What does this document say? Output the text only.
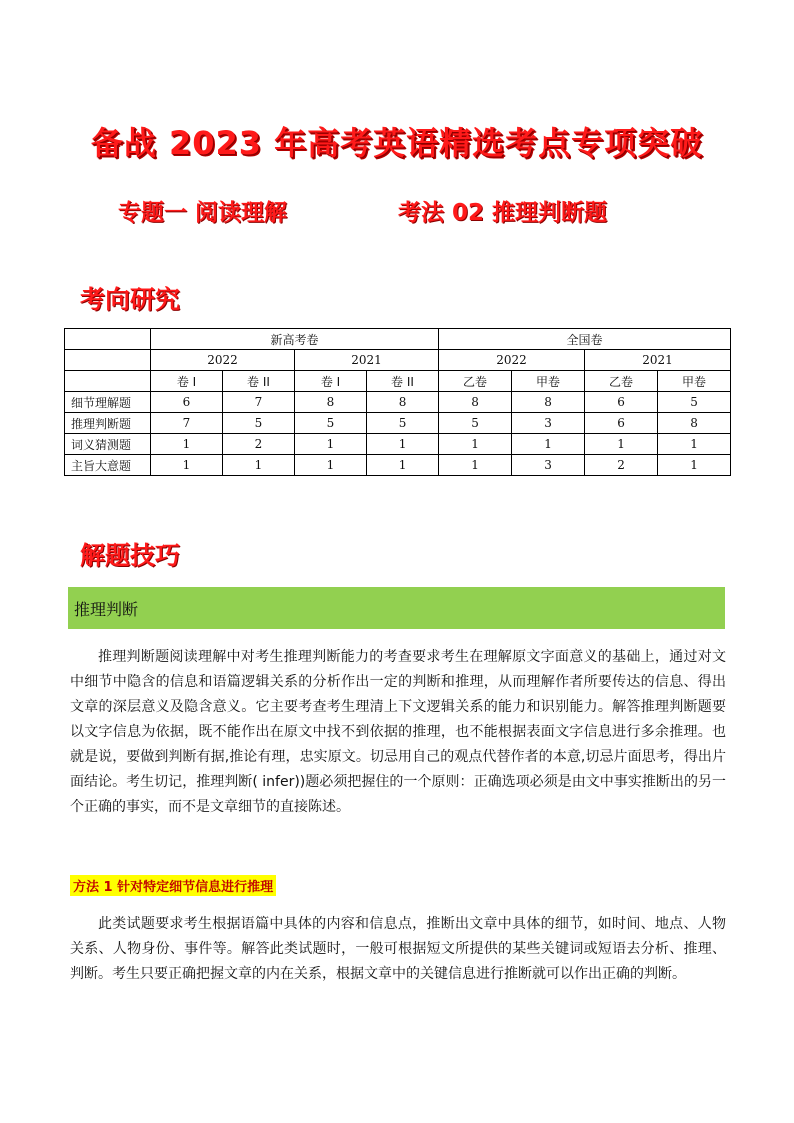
备战 2023 年高考英语精选考点专项突破
专题一 阅读理解	考法 02 推理判断题
考向研究
	新高考卷				全国卷			
	2022		2021		2022		2021	
	卷 I	卷 II	卷 I	卷 II	乙卷	甲卷	乙卷	甲卷
细节理解题	6	7	8	8	8	8	6	5
推理判断题	7	5	5	5	5	3	6	8
词义猜测题	1	2	1	1	1	1	1	1
主旨大意题	1	1	1	1	1	3	2	1
解题技巧
推理判断

推理判断题阅读理解中对考生推理判断能力的考查要求考生在理解原文字面意义的基础上，通过对文中细节中隐含的信息和语篇逻辑关系的分析作出一定的判断和推理，从而理解作者所要传达的信息、得出文章的深层意义及隐含意义。它主要考查考生理清上下文逻辑关系的能力和识别能力。解答推理判断题要以文字信息为依据，既不能作出在原文中找不到依据的推理，也不能根据表面文字信息进行多余推理。也就是说，要做到判断有据,推论有理，忠实原文。切忌用自己的观点代替作者的本意,切忌片面思考，得出片面结论。考生切记，推理判断( infer))题必须把握住的一个原则：正确选项必须是由文中事实推断出的另一个正确的事实，而不是文章细节的直接陈述。

方法 1 针对特定细节信息进行推理

此类试题要求考生根据语篇中具体的内容和信息点，推断出文章中具体的细节，如时间、地点、人物关系、人物身份、事件等。解答此类试题时，一般可根据短文所提供的某些关键词或短语去分析、推理、判断。考生只要正确把握文章的内在关系，根据文章中的关键信息进行推断就可以作出正确的判断。
